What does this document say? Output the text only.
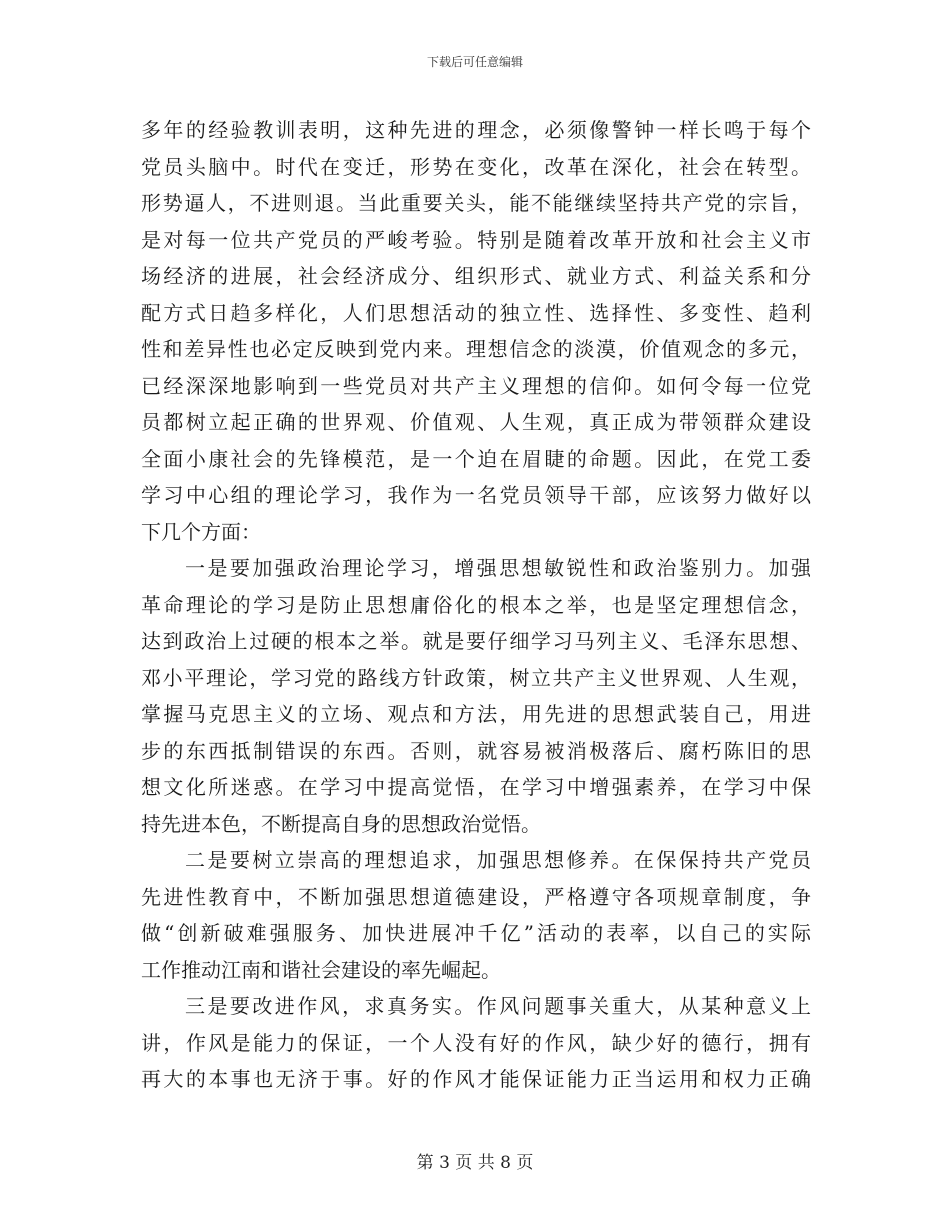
下载后可任意编辑
多年的经验教训表明，这种先进的理念，必须像警钟一样长鸣于每个
党员头脑中。时代在变迁，形势在变化，改革在深化，社会在转型。
形势逼人，不进则退。当此重要关头，能不能继续坚持共产党的宗旨，
是对每一位共产党员的严峻考验。特别是随着改革开放和社会主义市
场经济的进展，社会经济成分、组织形式、就业方式、利益关系和分
配方式日趋多样化，人们思想活动的独立性、选择性、多变性、趋利
性和差异性也必定反映到党内来。理想信念的淡漠，价值观念的多元，
已经深深地影响到一些党员对共产主义理想的信仰。如何令每一位党
员都树立起正确的世界观、价值观、人生观，真正成为带领群众建设
全面小康社会的先锋模范，是一个迫在眉睫的命题。因此，在党工委
学习中心组的理论学习，我作为一名党员领导干部，应该努力做好以
下几个方面：
一是要加强政治理论学习，增强思想敏锐性和政治鉴别力。加强
革命理论的学习是防止思想庸俗化的根本之举，也是坚定理想信念，
达到政治上过硬的根本之举。就是要仔细学习马列主义、毛泽东思想、
邓小平理论，学习党的路线方针政策，树立共产主义世界观、人生观，
掌握马克思主义的立场、观点和方法，用先进的思想武装自己，用进
步的东西抵制错误的东西。否则，就容易被消极落后、腐朽陈旧的思
想文化所迷惑。在学习中提高觉悟，在学习中增强素养，在学习中保
持先进本色，不断提高自身的思想政治觉悟。
二是要树立崇高的理想追求，加强思想修养。在保保持共产党员
先进性教育中，不断加强思想道德建设，严格遵守各项规章制度，争
做“创新破难强服务、加快进展冲千亿”活动的表率，以自己的实际
工作推动江南和谐社会建设的率先崛起。
三是要改进作风，求真务实。作风问题事关重大，从某种意义上
讲，作风是能力的保证，一个人没有好的作风，缺少好的德行，拥有
再大的本事也无济于事。好的作风才能保证能力正当运用和权力正确
第 3 页 共 8 页
